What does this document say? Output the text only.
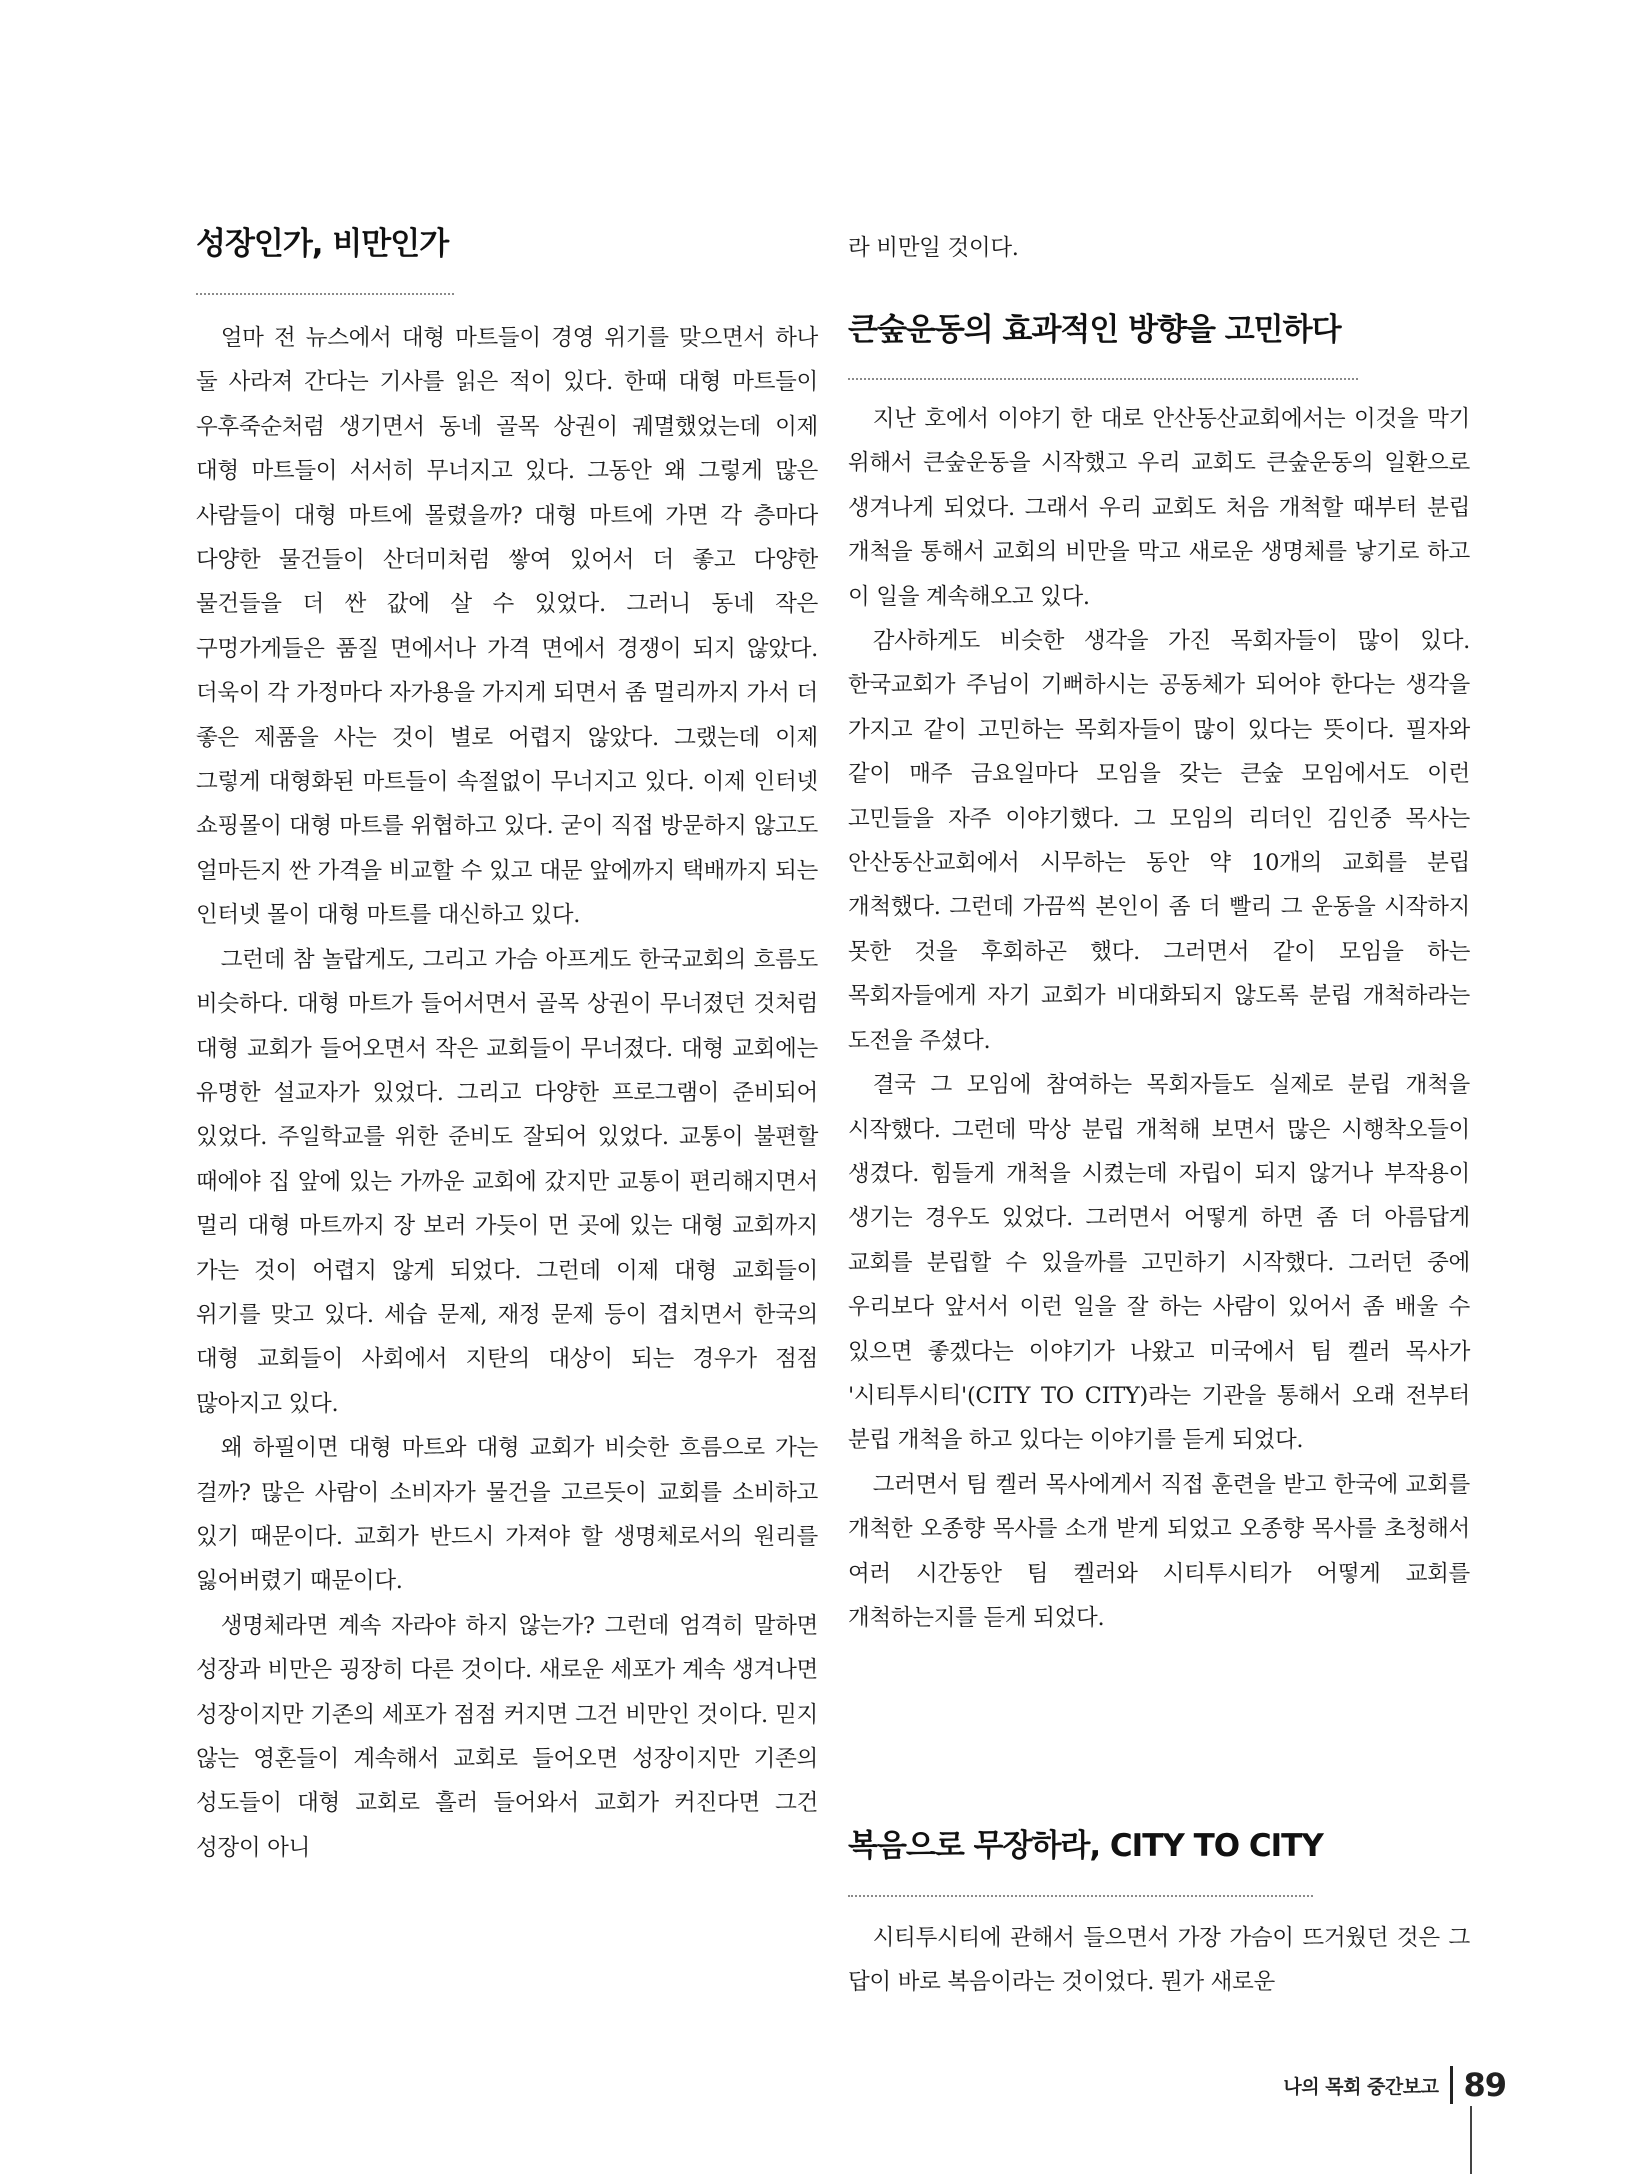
성장인가, 비만인가

얼마 전 뉴스에서 대형 마트들이 경영 위기를 맞으면서 하나 둘 사라져 간다는 기사를 읽은 적이 있다. 한때 대형 마트들이 우후죽순처럼 생기면서 동네 골목 상권이 궤멸했었는데 이제 대형 마트들이 서서히 무너지고 있다. 그동안 왜 그렇게 많은 사람들이 대형 마트에 몰렸을까? 대형 마트에 가면 각 층마다 다양한 물건들이 산더미처럼 쌓여 있어서 더 좋고 다양한 물건들을 더 싼 값에 살 수 있었다. 그러니 동네 작은 구멍가게들은 품질 면에서나 가격 면에서 경쟁이 되지 않았다. 더욱이 각 가정마다 자가용을 가지게 되면서 좀 멀리까지 가서 더 좋은 제품을 사는 것이 별로 어렵지 않았다. 그랬는데 이제 그렇게 대형화된 마트들이 속절없이 무너지고 있다. 이제 인터넷 쇼핑몰이 대형 마트를 위협하고 있다. 굳이 직접 방문하지 않고도 얼마든지 싼 가격을 비교할 수 있고 대문 앞에까지 택배까지 되는 인터넷 몰이 대형 마트를 대신하고 있다.

그런데 참 놀랍게도, 그리고 가슴 아프게도 한국교회의 흐름도 비슷하다. 대형 마트가 들어서면서 골목 상권이 무너졌던 것처럼 대형 교회가 들어오면서 작은 교회들이 무너졌다. 대형 교회에는 유명한 설교자가 있었다. 그리고 다양한 프로그램이 준비되어 있었다. 주일학교를 위한 준비도 잘되어 있었다. 교통이 불편할 때에야 집 앞에 있는 가까운 교회에 갔지만 교통이 편리해지면서 멀리 대형 마트까지 장 보러 가듯이 먼 곳에 있는 대형 교회까지 가는 것이 어렵지 않게 되었다. 그런데 이제 대형 교회들이 위기를 맞고 있다. 세습 문제, 재정 문제 등이 겹치면서 한국의 대형 교회들이 사회에서 지탄의 대상이 되는 경우가 점점 많아지고 있다.

왜 하필이면 대형 마트와 대형 교회가 비슷한 흐름으로 가는 걸까? 많은 사람이 소비자가 물건을 고르듯이 교회를 소비하고 있기 때문이다. 교회가 반드시 가져야 할 생명체로서의 원리를 잃어버렸기 때문이다.

생명체라면 계속 자라야 하지 않는가? 그런데 엄격히 말하면 성장과 비만은 굉장히 다른 것이다. 새로운 세포가 계속 생겨나면 성장이지만 기존의 세포가 점점 커지면 그건 비만인 것이다. 믿지 않는 영혼들이 계속해서 교회로 들어오면 성장이지만 기존의 성도들이 대형 교회로 흘러 들어와서 교회가 커진다면 그건 성장이 아니

라 비만일 것이다.

큰숲운동의 효과적인 방향을 고민하다

지난 호에서 이야기 한 대로 안산동산교회에서는 이것을 막기 위해서 큰숲운동을 시작했고 우리 교회도 큰숲운동의 일환으로 생겨나게 되었다. 그래서 우리 교회도 처음 개척할 때부터 분립 개척을 통해서 교회의 비만을 막고 새로운 생명체를 낳기로 하고 이 일을 계속해오고 있다.

감사하게도 비슷한 생각을 가진 목회자들이 많이 있다. 한국교회가 주님이 기뻐하시는 공동체가 되어야 한다는 생각을 가지고 같이 고민하는 목회자들이 많이 있다는 뜻이다. 필자와 같이 매주 금요일마다 모임을 갖는 큰숲 모임에서도 이런 고민들을 자주 이야기했다. 그 모임의 리더인 김인중 목사는 안산동산교회에서 시무하는 동안 약 10개의 교회를 분립 개척했다. 그런데 가끔씩 본인이 좀 더 빨리 그 운동을 시작하지 못한 것을 후회하곤 했다. 그러면서 같이 모임을 하는 목회자들에게 자기 교회가 비대화되지 않도록 분립 개척하라는 도전을 주셨다.

결국 그 모임에 참여하는 목회자들도 실제로 분립 개척을 시작했다. 그런데 막상 분립 개척해 보면서 많은 시행착오들이 생겼다. 힘들게 개척을 시켰는데 자립이 되지 않거나 부작용이 생기는 경우도 있었다. 그러면서 어떻게 하면 좀 더 아름답게 교회를 분립할 수 있을까를 고민하기 시작했다. 그러던 중에 우리보다 앞서서 이런 일을 잘 하는 사람이 있어서 좀 배울 수 있으면 좋겠다는 이야기가 나왔고 미국에서 팀 켈러 목사가 '시티투시티'(CITY TO CITY)라는 기관을 통해서 오래 전부터 분립 개척을 하고 있다는 이야기를 듣게 되었다.

그러면서 팀 켈러 목사에게서 직접 훈련을 받고 한국에 교회를 개척한 오종향 목사를 소개 받게 되었고 오종향 목사를 초청해서 여러 시간동안 팀 켈러와 시티투시티가 어떻게 교회를 개척하는지를 듣게 되었다.

복음으로 무장하라, CITY TO CITY

시티투시티에 관해서 들으면서 가장 가슴이 뜨거웠던 것은 그 답이 바로 복음이라는 것이었다. 뭔가 새로운

나의 목회 중간보고 89
